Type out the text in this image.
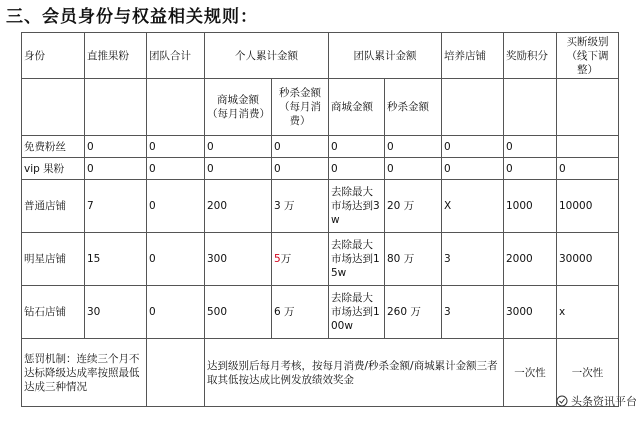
三、会员身份与权益相关规则：
身份	直推果粉	团队合计	个人累计金额		团队累计金额		培养店铺	奖励积分	买断级别（线下调整）
			商城金额（每月消费）	秒杀金额（每月消费）	商城金额	秒杀金额			
免费粉丝	0	0	0	0	0	0	0	0	
vip 果粉	0	0	0	0	0	0	0	0	0
普通店铺	7	0	200	3 万	去除最大市场达到3w	20 万	X	1000	10000
明星店铺	15	0	300	5万	去除最大市场达到15w	80 万	3	2000	30000
钻石店铺	30	0	500	6 万	去除最大市场达到100w	260 万	3	3000	x
惩罚机制：连续三个月不达标降级达成率按照最低达成三种情况			达到级别后每月考核，按每月消费/秒杀金额/商城累计金额三者取其低按达成比例发放绩效奖金					一次性	一次性
头条资讯平台
